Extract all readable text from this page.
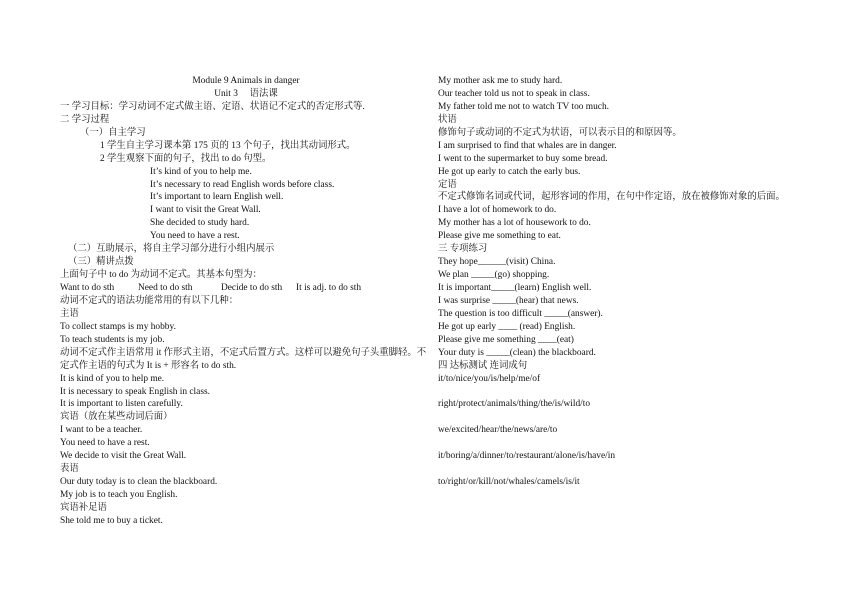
Module 9 Animals in danger
Unit 3　 语法课
一 学习目标：学习动词不定式做主语、定语、状语记不定式的否定形式等.
二 学习过程
（一）自主学习
1 学生自主学习课本第 175 页的 13 个句子，找出其动词形式。
2 学生观察下面的句子，找出 to do 句型。
It’s kind of you to help me.
It’s necessary to read English words before class.
It’s important to learn English well.
I want to visit the Great Wall.
She decided to study hard.
You need to have a rest.
（二）互助展示，将自主学习部分进行小组内展示
（三）精讲点拨
上面句子中 to do 为动词不定式。其基本句型为：
Want to do sth	Need to do sth	Decide to do sth It is adj. to do sth
动词不定式的语法功能常用的有以下几种：
主语
To collect stamps is my hobby.
To teach students is my job.
动词不定式作主语常用 it 作形式主语，不定式后置方式。这样可以避免句子头重脚轻。不定式作主语的句式为 It is + 形容名 to do sth.
It is kind of you to help me.
It is necessary to speak English in class.
It is important to listen carefully.
宾语（放在某些动词后面）
I want to be a teacher.
You need to have a rest.
We decide to visit the Great Wall.
表语
Our duty today is to clean the blackboard.
My job is to teach you English.
宾语补足语
She told me to buy a ticket.
My mother ask me to study hard.
Our teacher told us not to speak in class.
My father told me not to watch TV too much.
状语
修饰句子或动词的不定式为状语，可以表示目的和原因等。
I am surprised to find that whales are in danger.
I went to the supermarket to buy some bread.
He got up early to catch the early bus.
定语
不定式修饰名词或代词，起形容词的作用，在句中作定语，放在被修饰对象的后面。
I have a lot of homework to do.
My mother has a lot of housework to do.
Please give me something to eat.
三 专项练习
They hope______(visit) China.
We plan _____(go) shopping.
It is important_____(learn) English well.
I was surprise _____(hear) that news.
The question is too difficult _____(answer).
He got up early ____ (read) English.
Please give me something ____(eat)
Your duty is _____(clean) the blackboard.
四 达标测试 连词成句
it/to/nice/you/is/help/me/of
right/protect/animals/thing/the/is/wild/to
we/excited/hear/the/news/are/to
it/boring/a/dinner/to/restaurant/alone/is/have/in
to/right/or/kill/not/whales/camels/is/it
